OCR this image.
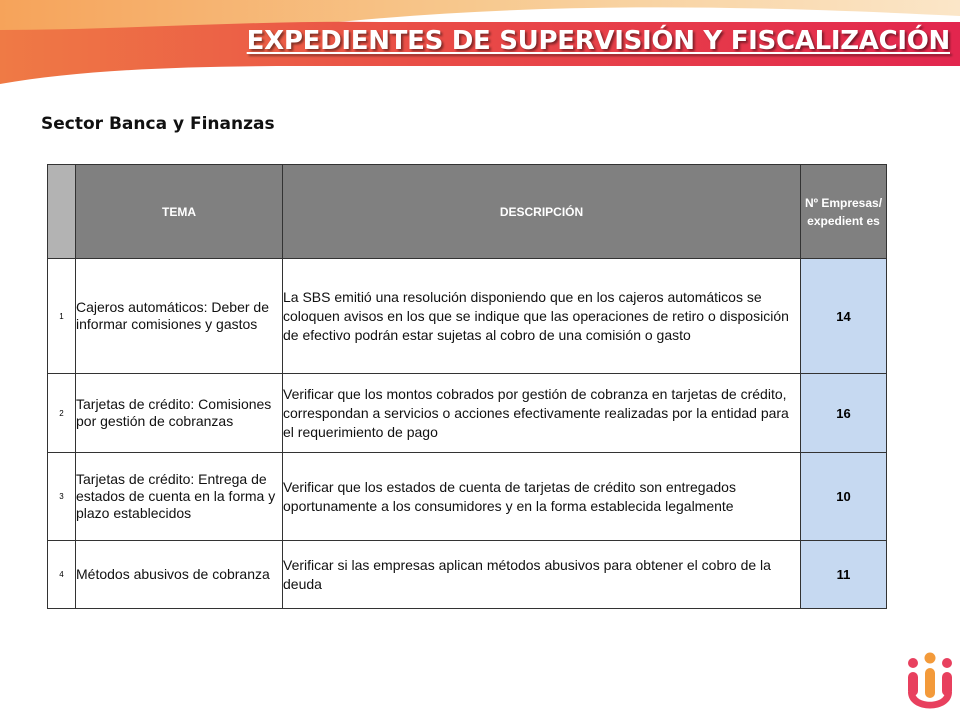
EXPEDIENTES DE SUPERVISIÓN Y FISCALIZACIÓN
Sector Banca y Finanzas
	TEMA	DESCRIPCIÓN	Nº Empresas/ expedient es
1	Cajeros automáticos: Deber de informar comisiones y gastos	La SBS emitió una resolución disponiendo que en los cajeros automáticos se coloquen avisos en los que se indique que las operaciones de retiro o disposición de efectivo podrán estar sujetas al cobro de una comisión o gasto	14
2	Tarjetas de crédito: Comisiones por gestión de cobranzas	Verificar que los montos cobrados por gestión de cobranza en tarjetas de crédito, correspondan a servicios o acciones efectivamente realizadas por la entidad para el requerimiento de pago	16
3	Tarjetas de crédito: Entrega de estados de cuenta en la forma y plazo establecidos	Verificar que los estados de cuenta de tarjetas de crédito son entregados oportunamente a los consumidores y en la forma establecida legalmente	10
4	Métodos abusivos de cobranza	Verificar si las empresas aplican métodos abusivos para obtener el cobro de la deuda	11
